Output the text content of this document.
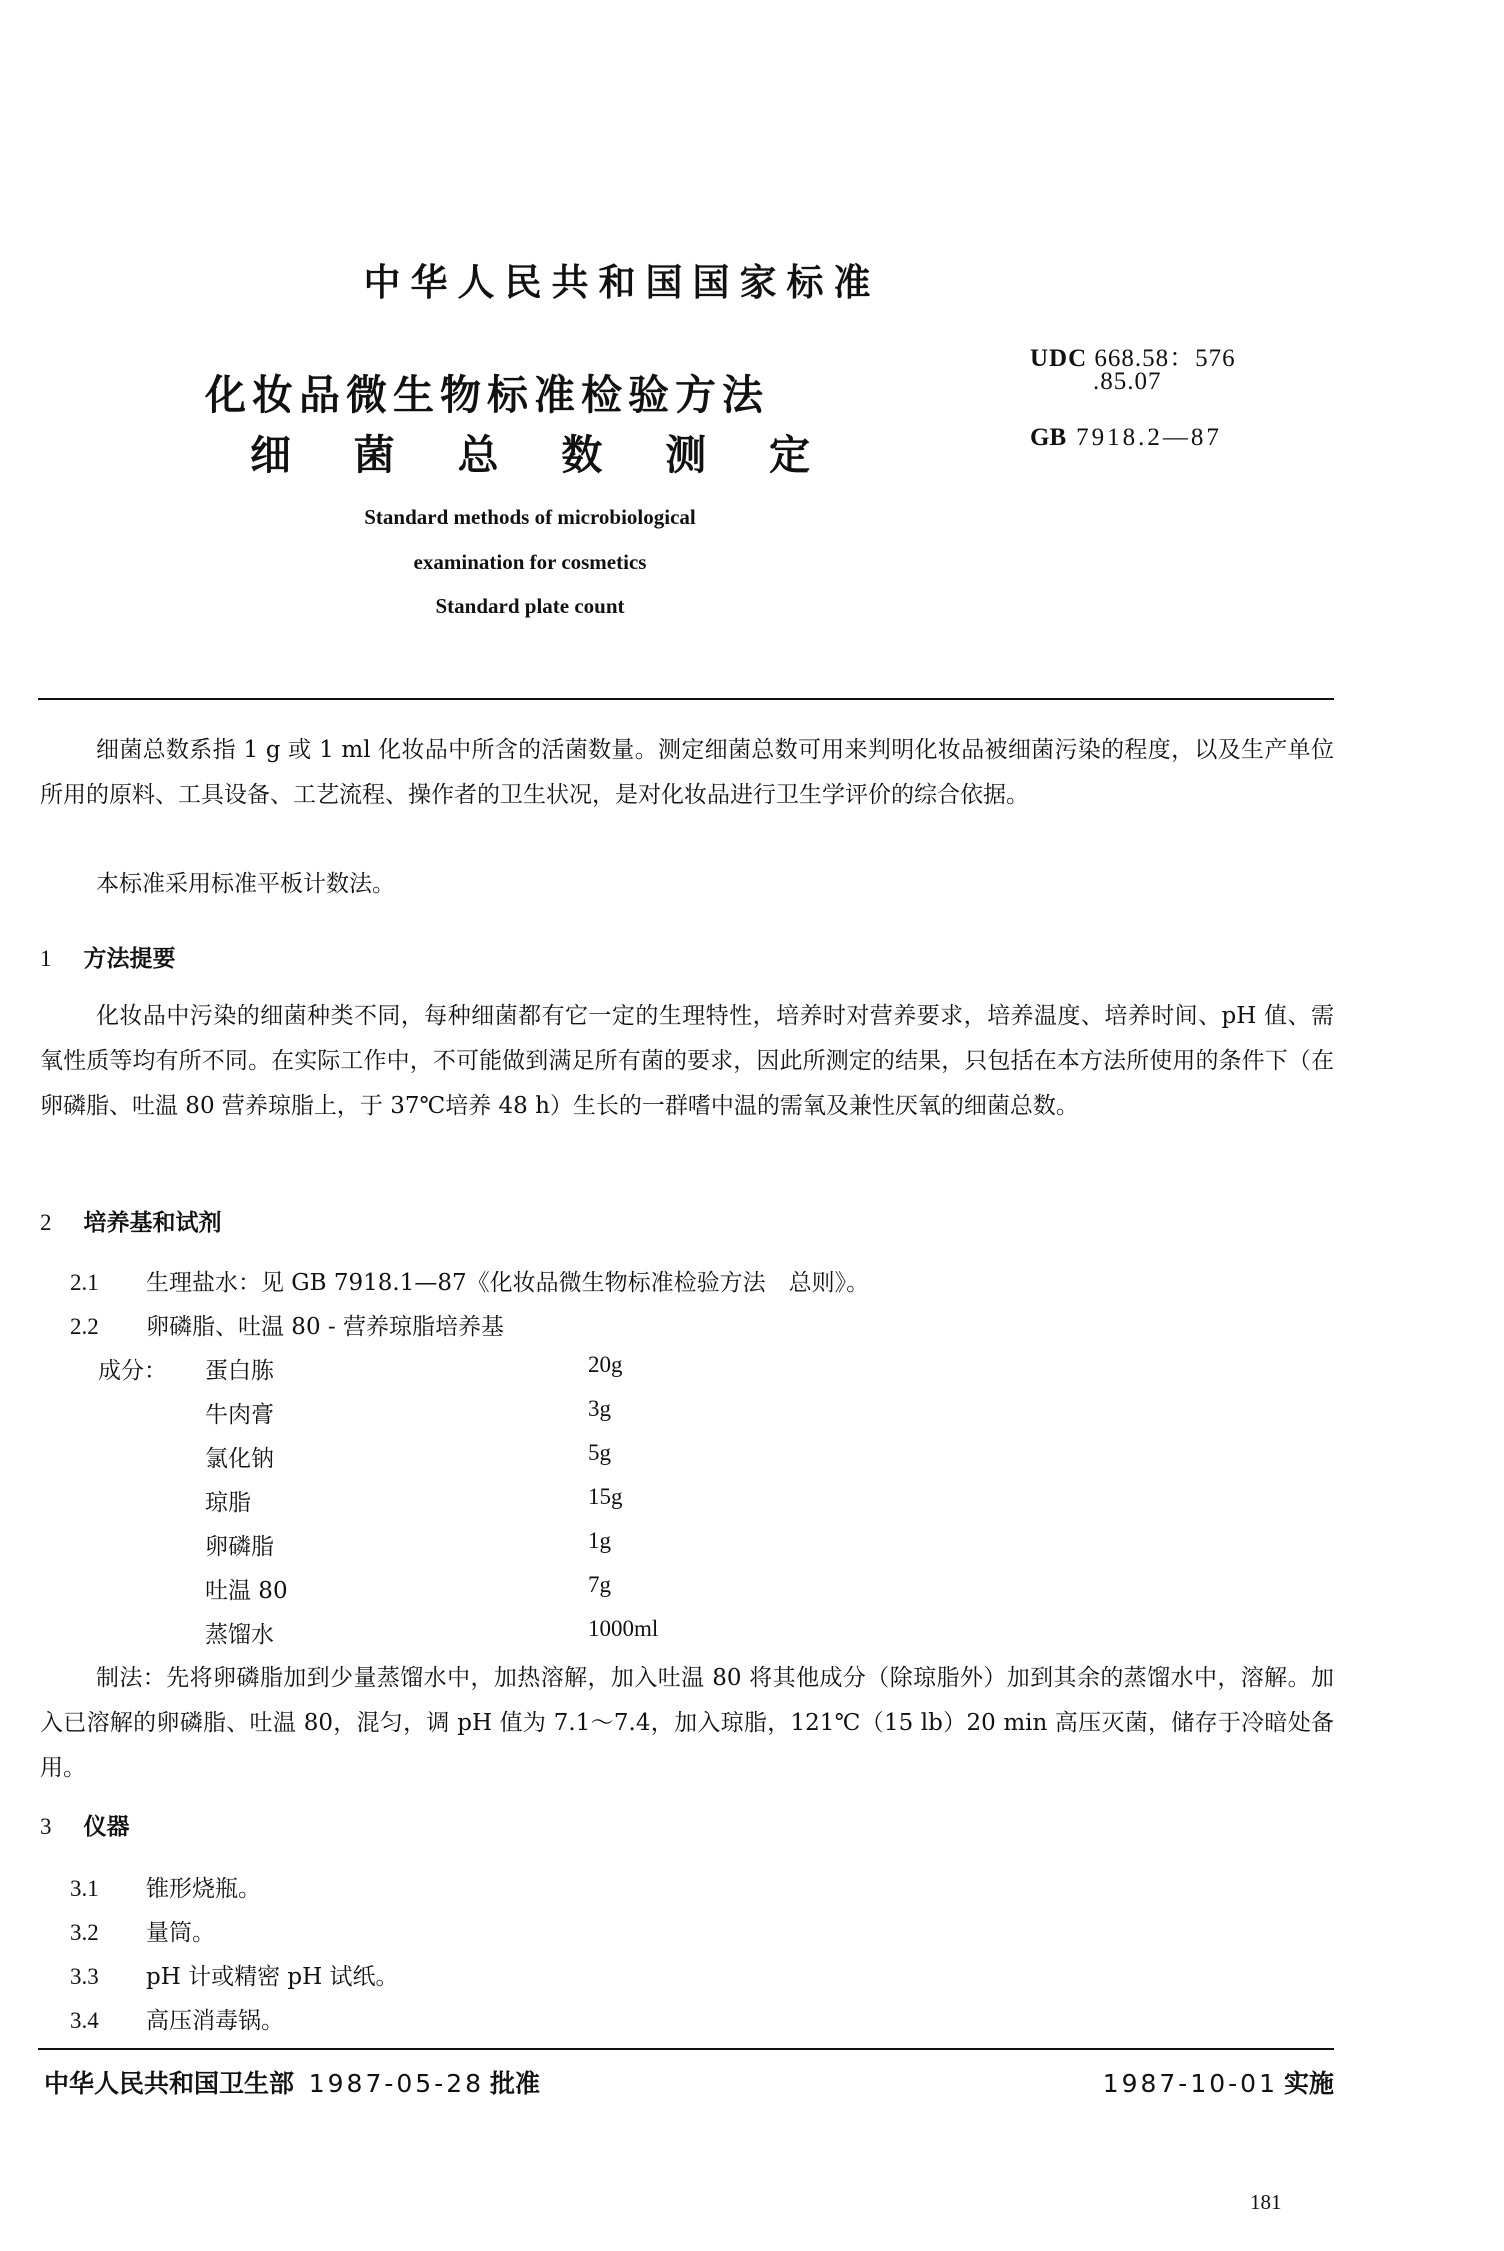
中华人民共和国国家标准
化妆品微生物标准检验方法
细 菌 总 数 测 定
UDC 668.58：576
.85.07
GB 7918.2—87
Standard methods of microbiological
examination for cosmetics
Standard plate count
细菌总数系指 1 g 或 1 ml 化妆品中所含的活菌数量。测定细菌总数可用来判明化妆品被细菌污染的程度，以及生产单位所用的原料、工具设备、工艺流程、操作者的卫生状况，是对化妆品进行卫生学评价的综合依据。
本标准采用标准平板计数法。
1 方法提要
化妆品中污染的细菌种类不同，每种细菌都有它一定的生理特性，培养时对营养要求，培养温度、培养时间、pH 值、需氧性质等均有所不同。在实际工作中，不可能做到满足所有菌的要求，因此所测定的结果，只包括在本方法所使用的条件下（在卵磷脂、吐温 80 营养琼脂上，于 37℃培养 48 h）生长的一群嗜中温的需氧及兼性厌氧的细菌总数。
2 培养基和试剂
2.1 生理盐水：见 GB 7918.1—87《化妆品微生物标准检验方法　总则》。
2.2 卵磷脂、吐温 80 - 营养琼脂培养基
成分： 蛋白胨	20g
牛肉膏	3g
氯化钠	5g
琼脂	15g
卵磷脂	1g
吐温 80	7g
蒸馏水	1000ml
制法：先将卵磷脂加到少量蒸馏水中，加热溶解，加入吐温 80 将其他成分（除琼脂外）加到其余的蒸馏水中，溶解。加入已溶解的卵磷脂、吐温 80，混匀，调 pH 值为 7.1～7.4，加入琼脂，121℃（15 lb）20 min 高压灭菌，储存于冷暗处备用。
3 仪器
3.1 锥形烧瓶。
3.2 量筒。
3.3 pH 计或精密 pH 试纸。
3.4 高压消毒锅。
中华人民共和国卫生部 1987-05-28 批准	1987-10-01 实施
181
